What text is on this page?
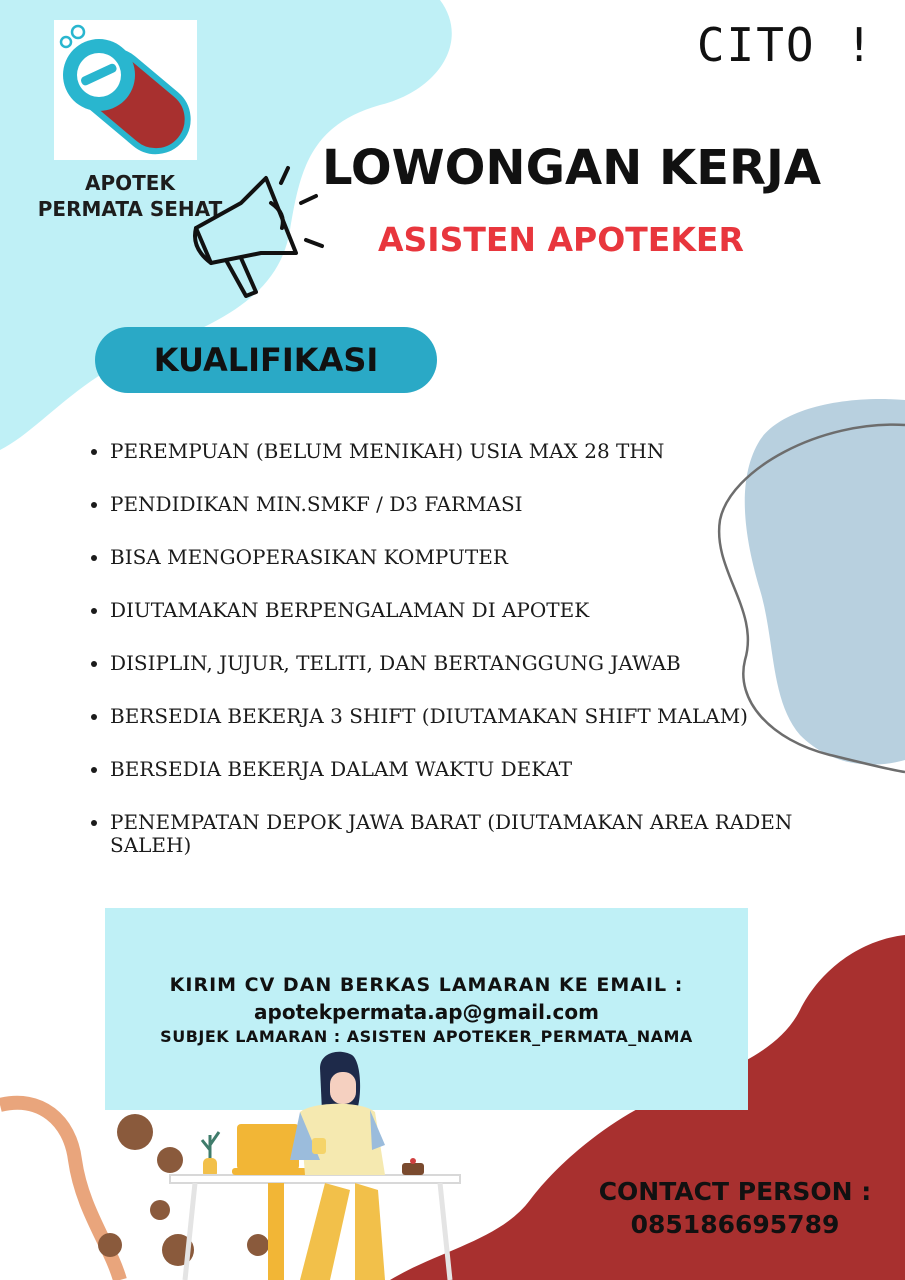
APOTEK
PERMATA SEHAT
CITO !
LOWONGAN KERJA
ASISTEN APOTEKER
KUALIFIKASI
• PEREMPUAN (BELUM MENIKAH) USIA MAX 28 THN
• PENDIDIKAN MIN.SMKF / D3 FARMASI
• BISA MENGOPERASIKAN KOMPUTER
• DIUTAMAKAN BERPENGALAMAN DI APOTEK
• DISIPLIN, JUJUR, TELITI, DAN BERTANGGUNG JAWAB
• BERSEDIA BEKERJA 3 SHIFT (DIUTAMAKAN SHIFT MALAM)
• BERSEDIA BEKERJA DALAM WAKTU DEKAT
• PENEMPATAN DEPOK JAWA BARAT (DIUTAMAKAN AREA RADEN SALEH)
KIRIM CV DAN BERKAS LAMARAN KE EMAIL :
apotekpermata.ap@gmail.com
SUBJEK LAMARAN : ASISTEN APOTEKER_PERMATA_NAMA
CONTACT PERSON :
085186695789
